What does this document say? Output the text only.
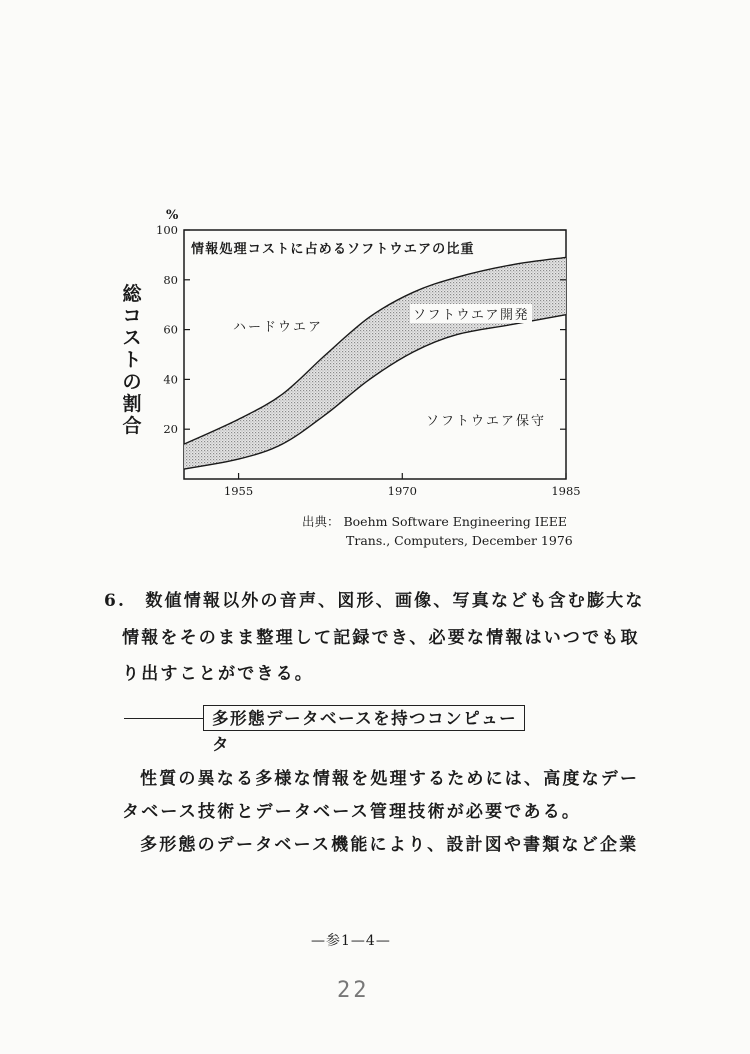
20
40
60
80
100
1955	1970	1985
%
総
コ
ス
ト
の
割
合
情報処理コストに占めるソフトウエアの比重
ハードウエア
ソフトウエア開発
ソフトウエア保守
出典： Boehm Software Engineering IEEE
Trans., Computers, December 1976
6.　数値情報以外の音声、図形、画像、写真なども含む膨大な
情報をそのまま整理して記録でき、必要な情報はいつでも取
り出すことができる。
多形態データベースを持つコンピュータ
性質の異なる多様な情報を処理するためには、高度なデー
タベース技術とデータベース管理技術が必要である。
多形態のデータベース機能により、設計図や書類など企業
—参1—4—
22
